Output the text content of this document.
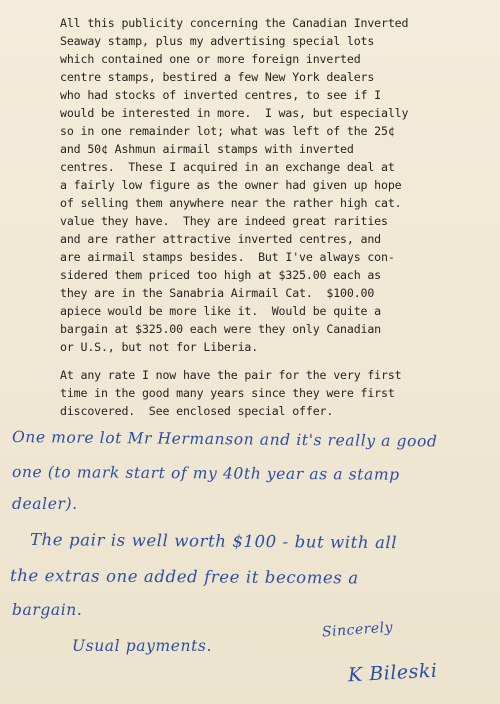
All this publicity concerning the Canadian Inverted

Seaway stamp, plus my advertising special lots

which contained one or more foreign inverted

centre stamps, bestired a few New York dealers

who had stocks of inverted centres, to see if I

would be interested in more.  I was, but especially

so in one remainder lot; what was left of the 25¢

and 50¢ Ashmun airmail stamps with inverted

centres.  These I acquired in an exchange deal at

a fairly low figure as the owner had given up hope

of selling them anywhere near the rather high cat.

value they have.  They are indeed great rarities

and are rather attractive inverted centres, and

are airmail stamps besides.  But I've always con-

sidered them priced too high at $325.00 each as

they are in the Sanabria Airmail Cat.  $100.00

apiece would be more like it.  Would be quite a

bargain at $325.00 each were they only Canadian

or U.S., but not for Liberia.

At any rate I now have the pair for the very first

time in the good many years since they were first

discovered.  See enclosed special offer.

One more lot Mr Hermanson and it's really a good

one (to mark start of my 40th year as a stamp

dealer).

The pair is well worth $100 - but with all

the extras one added free it becomes a

bargain.

Usual payments.

Sincerely

K Bileski
